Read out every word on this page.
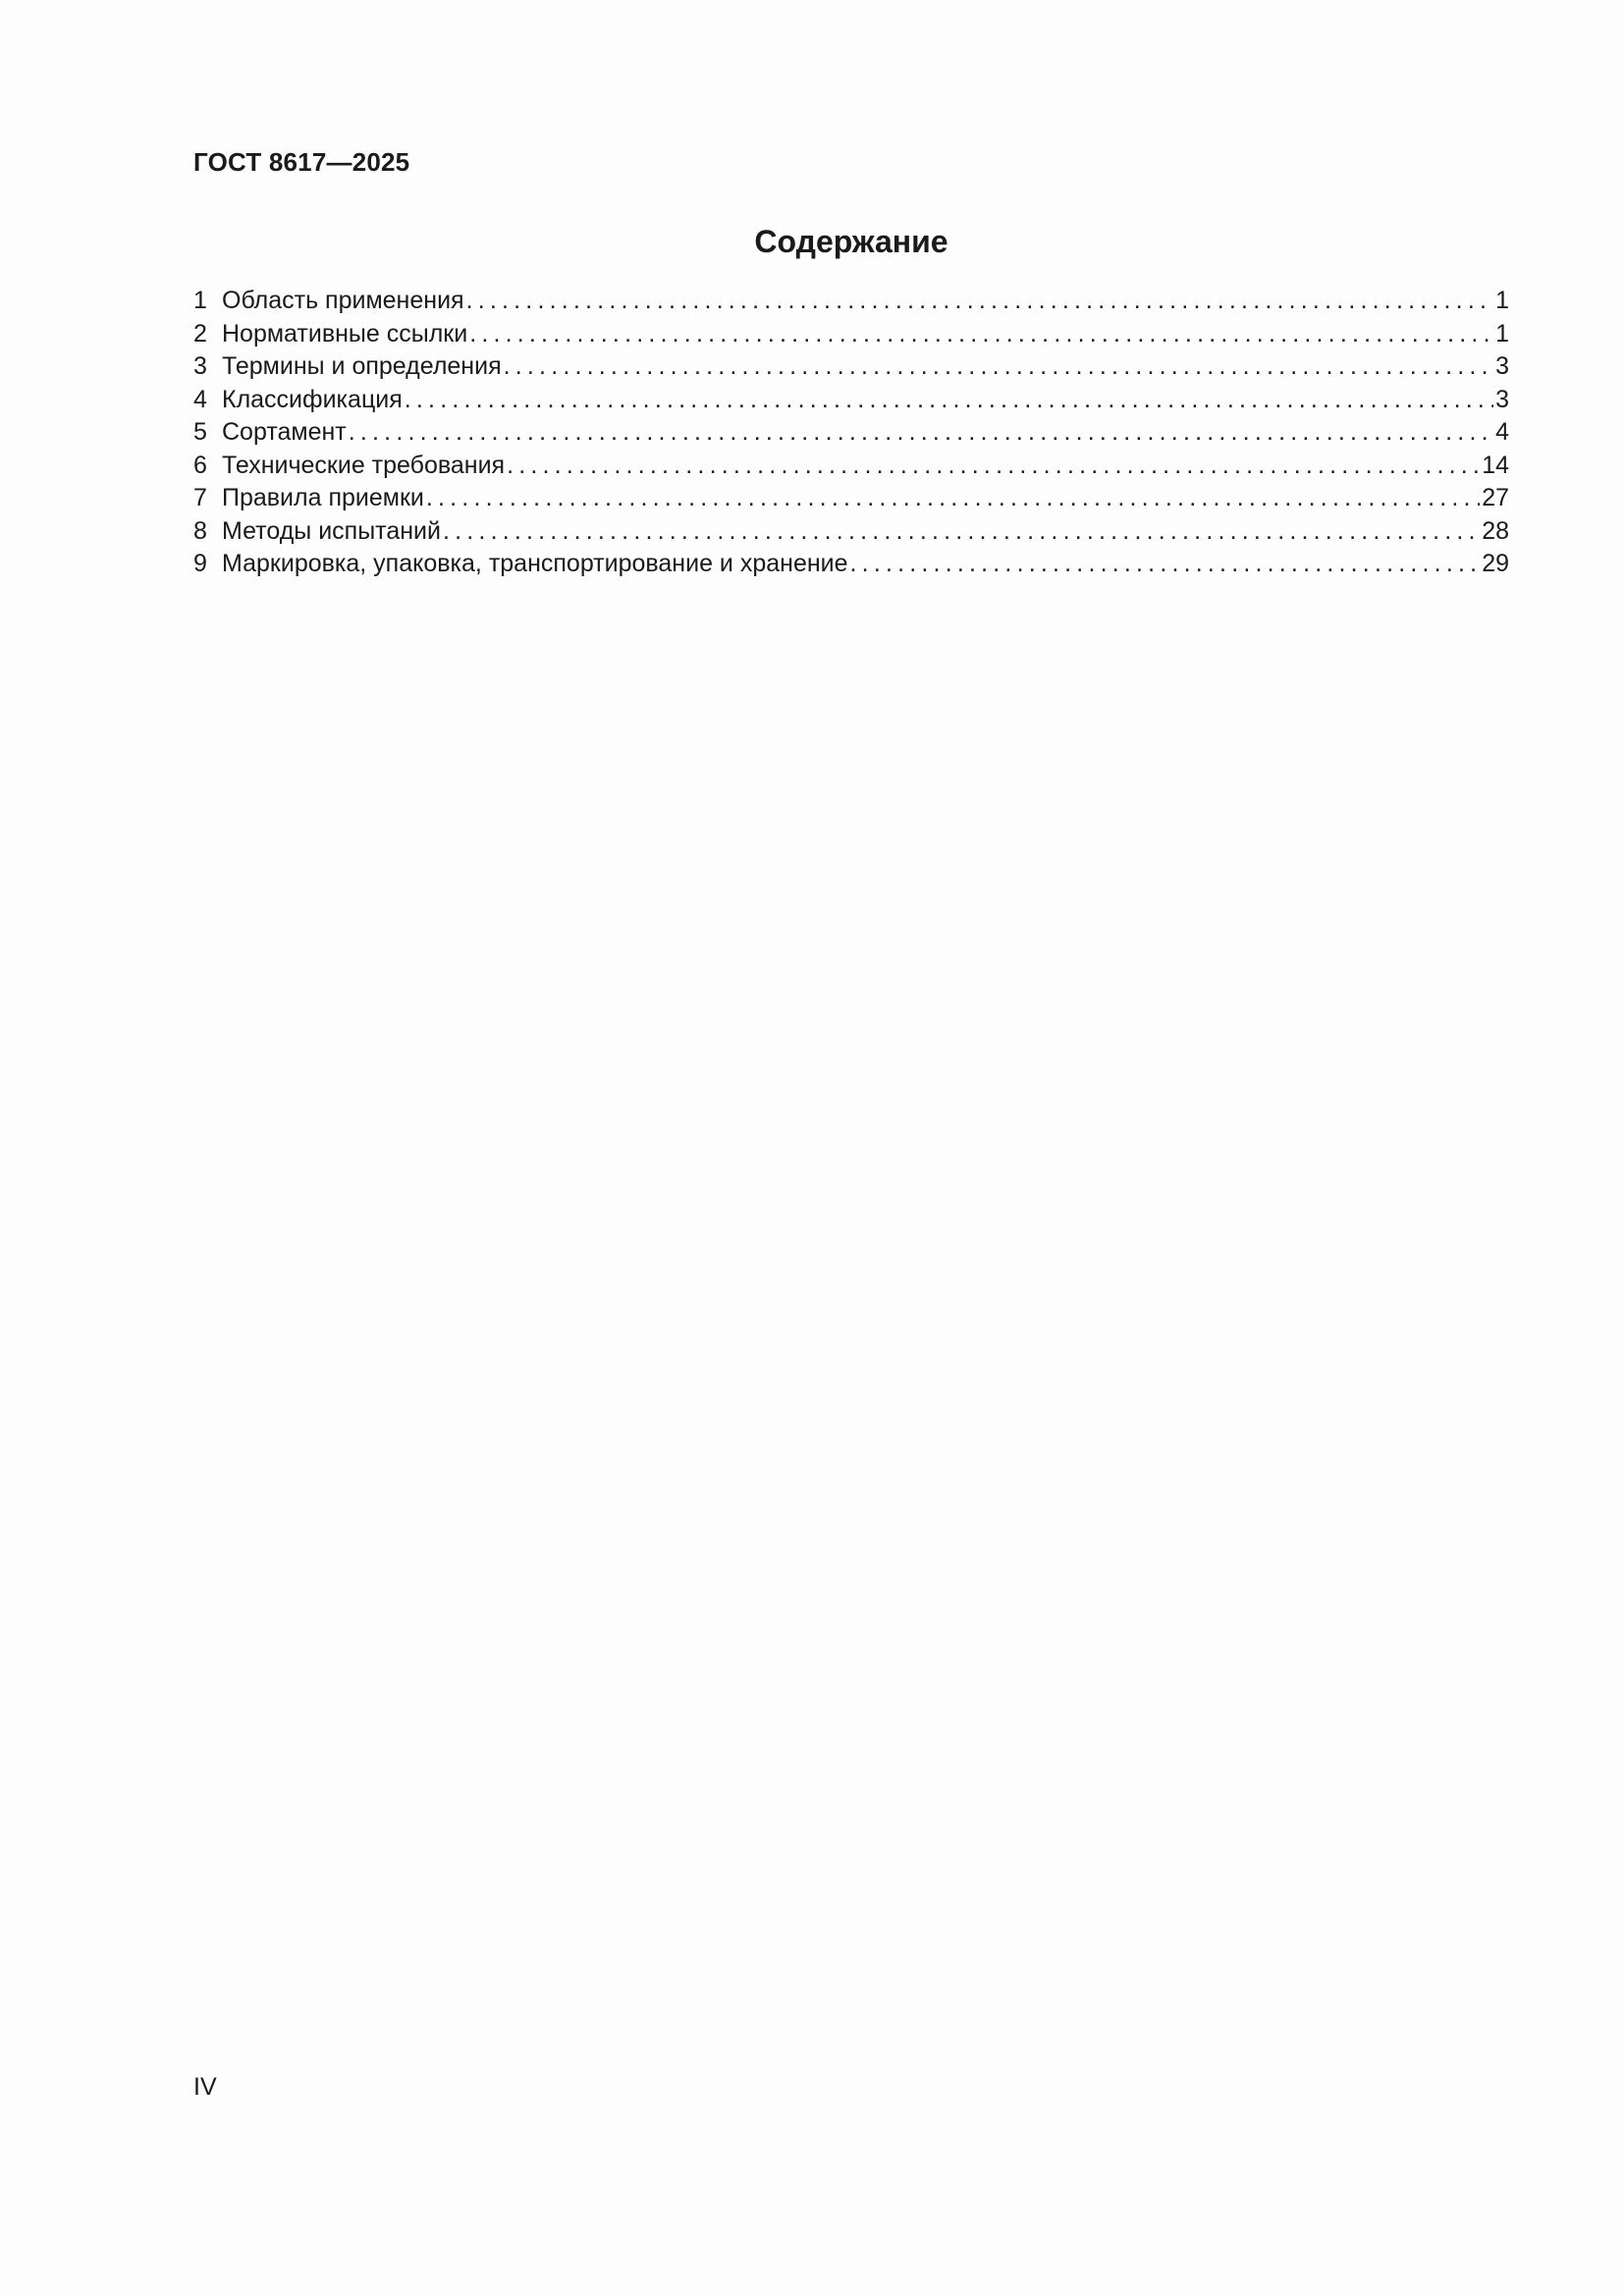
ГОСТ 8617—2025
Содержание
1 Область применения .....	1
2 Нормативные ссылки .....	1
3 Термины и определения .....	3
4 Классификация .....	3
5 Сортамент .....	4
6 Технические требования .....	14
7 Правила приемки .....	27
8 Методы испытаний .....	28
9 Маркировка, упаковка, транспортирование и хранение .....	29
IV
